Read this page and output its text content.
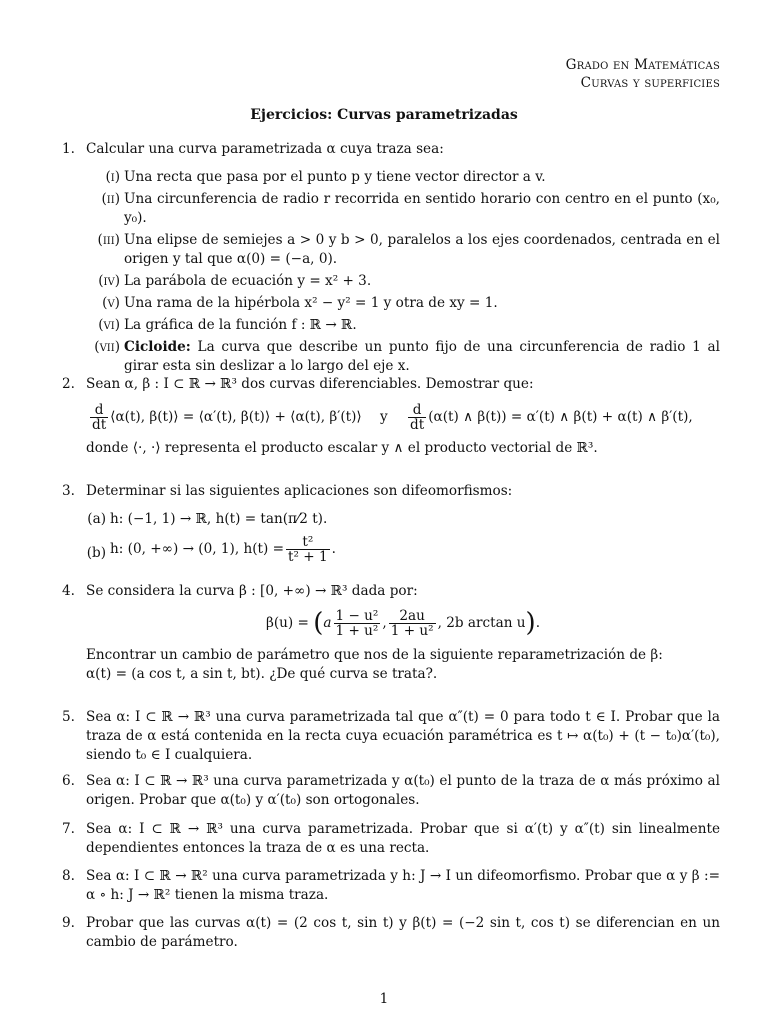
Grado en Matemáticas
Curvas y superficies
Ejercicios: Curvas parametrizadas
1. Calcular una curva parametrizada α cuya traza sea:
(i) Una recta que pasa por el punto p y tiene vector director a v.
(ii) Una circunferencia de radio r recorrida en sentido horario con centro en el punto (x₀, y₀).
(iii) Una elipse de semiejes a > 0 y b > 0, paralelos a los ejes coordenados, centrada en el origen y tal que α(0) = (−a, 0).
(iv) La parábola de ecuación y = x² + 3.
(v) Una rama de la hipérbola x² − y² = 1 y otra de xy = 1.
(vi) La gráfica de la función f : ℝ → ℝ.
(vii) Cicloide: La curva que describe un punto fijo de una circunferencia de radio 1 al girar esta sin deslizar a lo largo del eje x.
2. Sean α, β : I ⊂ ℝ → ℝ³ dos curvas diferenciables. Demostrar que:
$\frac{d}{dt}$ ⟨α(t), β(t)⟩ = ⟨α′(t), β(t)⟩ + ⟨α(t), β′(t)⟩ y $\frac{d}{dt} (\alpha(t)$ ∧ β(t)) = α′(t) ∧ β(t) + α(t) ∧ β′(t),
donde ⟨·, ·⟩ representa el producto escalar y ∧ el producto vectorial de ℝ³.
3. Determinar si las siguientes aplicaciones son difeomorfismos:
(a) h: (−1, 1) → ℝ, h(t) = tan(π⁄2 t).
(b) h: (0, +∞) → (0, 1), $h(t) = \frac{\text{t²}}{\text{t² + 1}}$ .
4. Se considera la curva β : [0, +∞) → ℝ³ dada por:
$\beta(u) = (a \frac{\text{1 − u²}}{\text{1 + u²}}$ , $\frac{2au}{\text{1 + u²}}$ , 2b arctan u).
Encontrar un cambio de parámetro que nos de la siguiente reparametrización de β:
α(t) = (a cos t, a sin t, bt). ¿De qué curva se trata?.
5. Sea α: I ⊂ ℝ → ℝ³ una curva parametrizada tal que α″(t) = 0 para todo t ∈ I. Probar que la traza de α está contenida en la recta cuya ecuación paramétrica es t ↦ α(t₀) + (t − t₀)α′(t₀), siendo t₀ ∈ I cualquiera.
6. Sea α: I ⊂ ℝ → ℝ³ una curva parametrizada y α(t₀) el punto de la traza de α más próximo al origen. Probar que α(t₀) y α′(t₀) son ortogonales.
7. Sea α: I ⊂ ℝ → ℝ³ una curva parametrizada. Probar que si α′(t) y α″(t) sin linealmente dependientes entonces la traza de α es una recta.
8. Sea α: I ⊂ ℝ → ℝ² una curva parametrizada y h: J → I un difeomorfismo. Probar que α y β := α ∘ h: J → ℝ² tienen la misma traza.
9. Probar que las curvas α(t) = (2 cos t, sin t) y β(t) = (−2 sin t, cos t) se diferencian en un cambio de parámetro.
1
